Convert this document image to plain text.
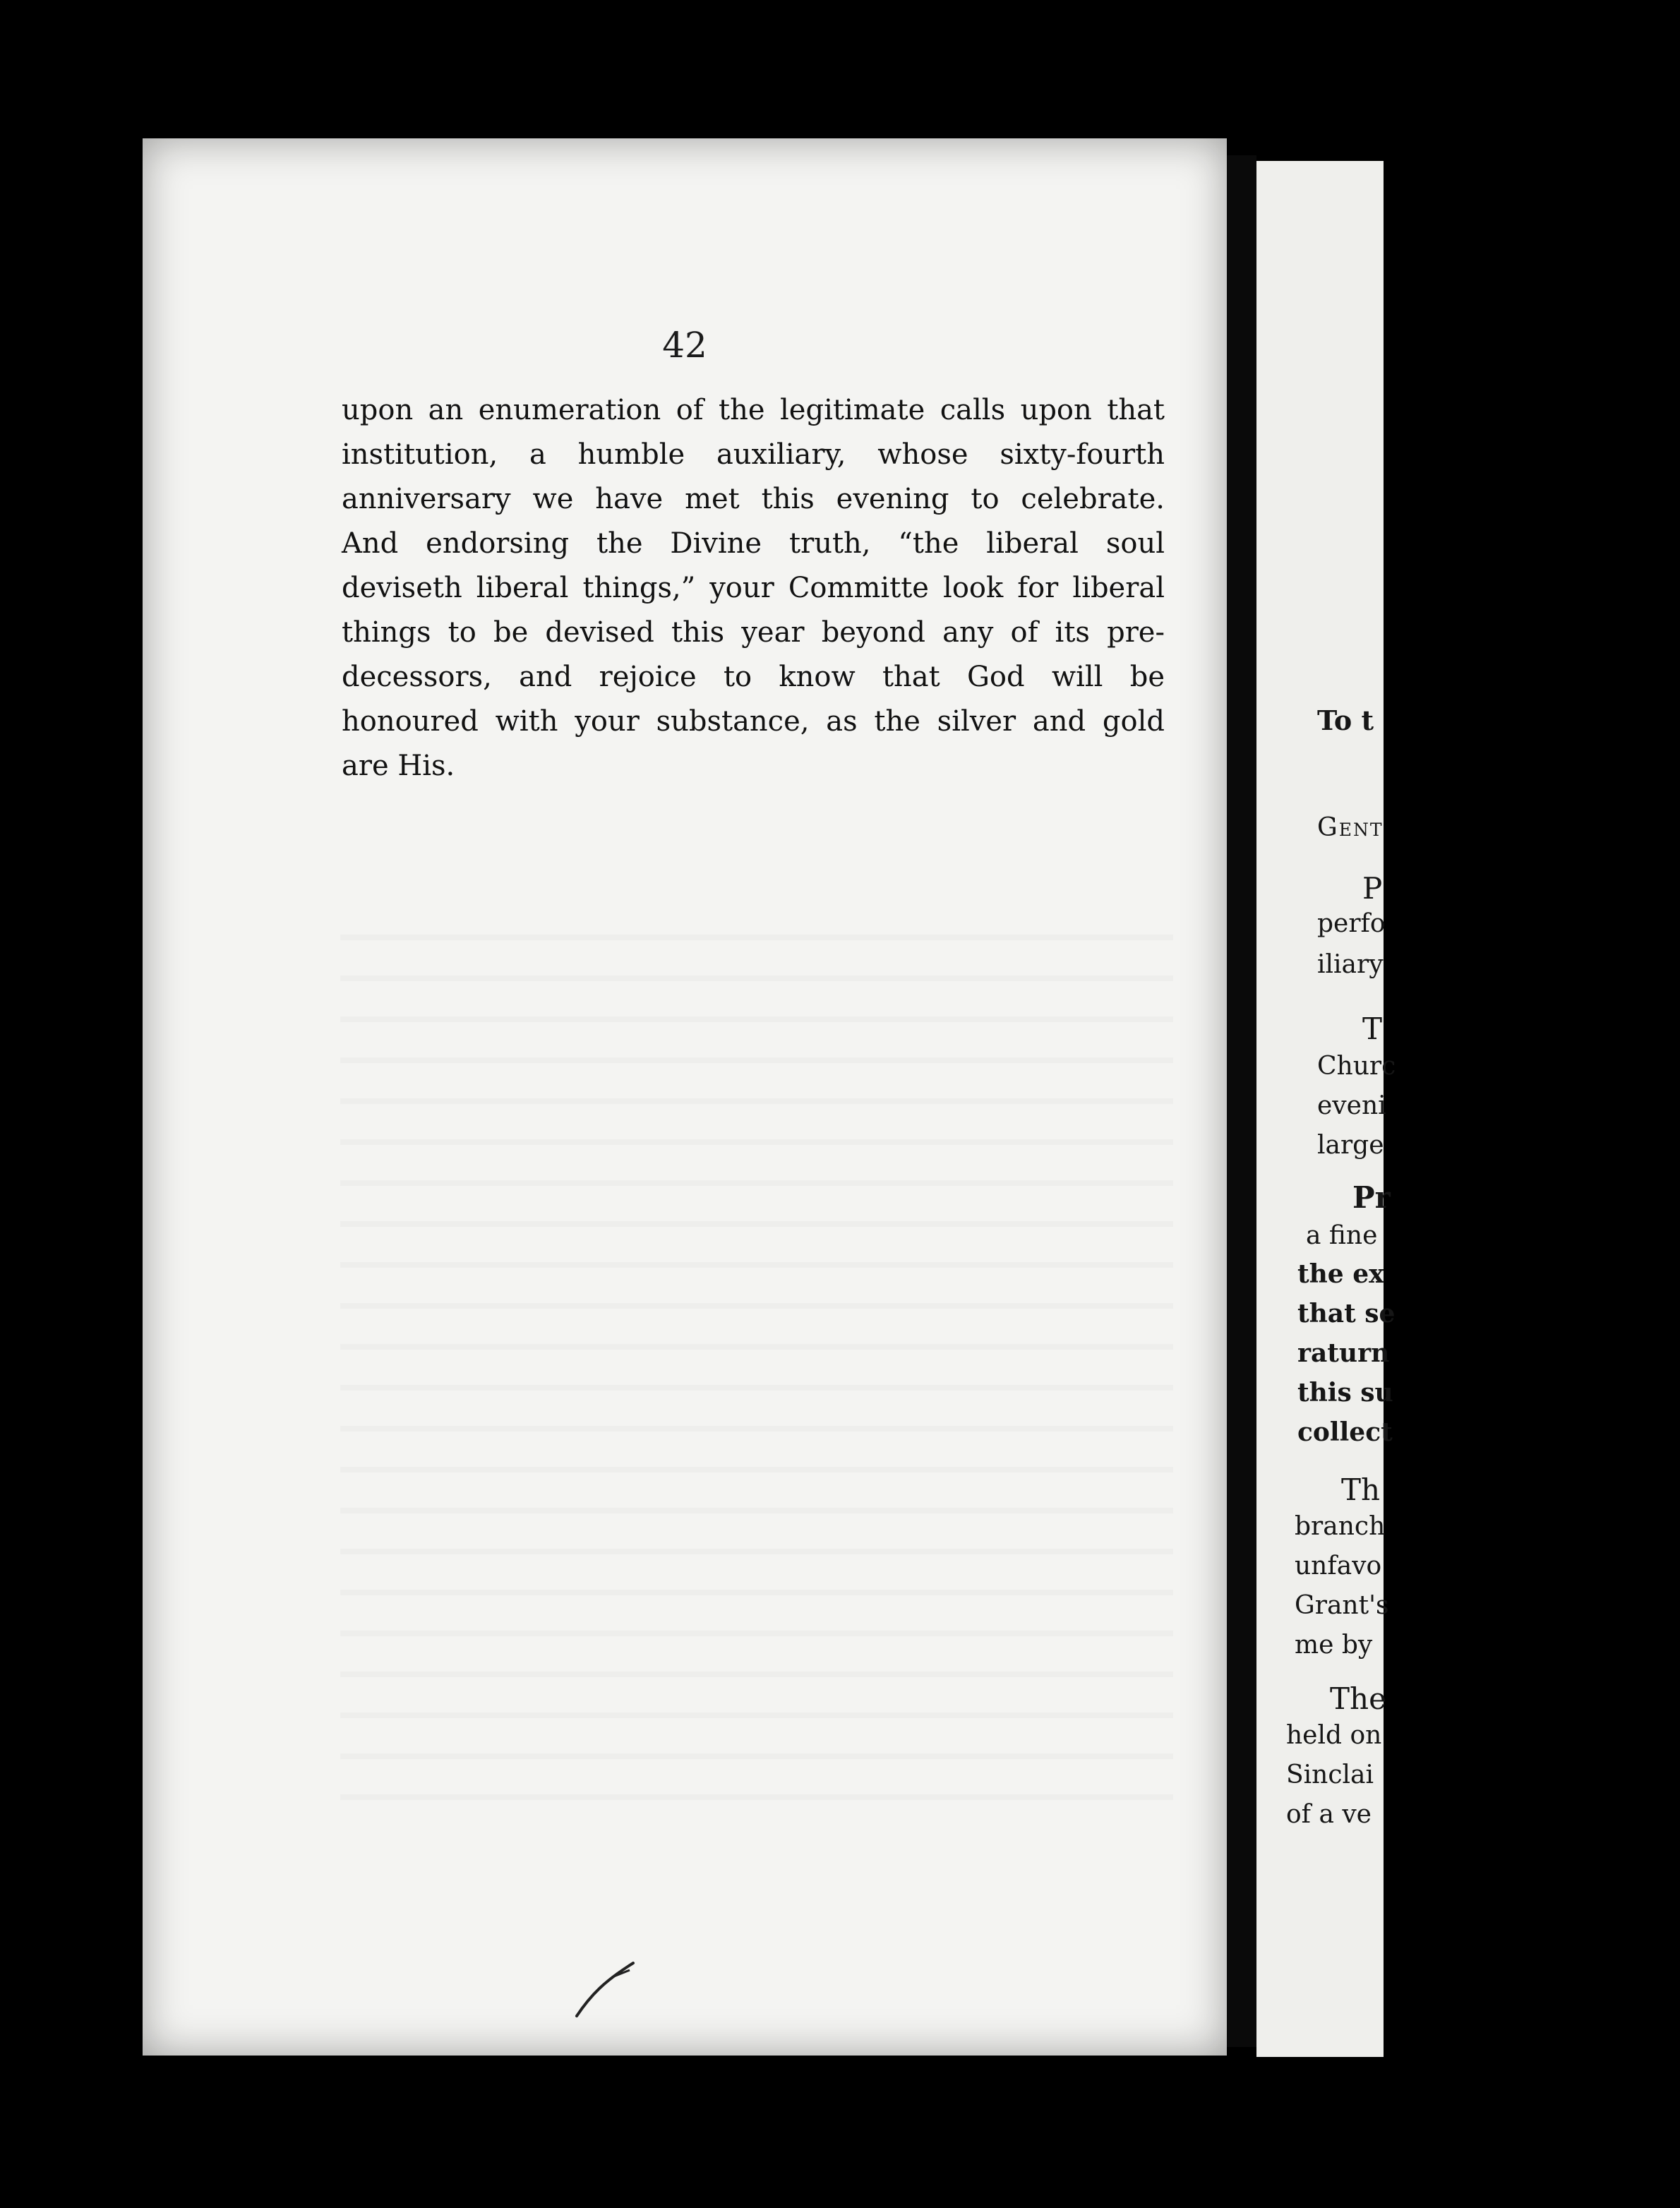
42
upon an enumeration of the legitimate calls upon that
institution, a humble auxiliary, whose sixty-fourth
anniversary we have met this evening to celebrate.
And endorsing the Divine truth, “the liberal soul
deviseth liberal things,” your Committe look for liberal
things to be devised this year beyond any of its pre-
decessors, and rejoice to know that God will be
honoured with your substance, as the silver and gold
are His.
To t
Gent
P
perfo
iliary
T
Churc
eveni
large
Pr
a fine
the ex
that se
raturn
this su
collect
Th
branch
unfavo
Grant's
me by
The
held on
Sinclai
of a ve
